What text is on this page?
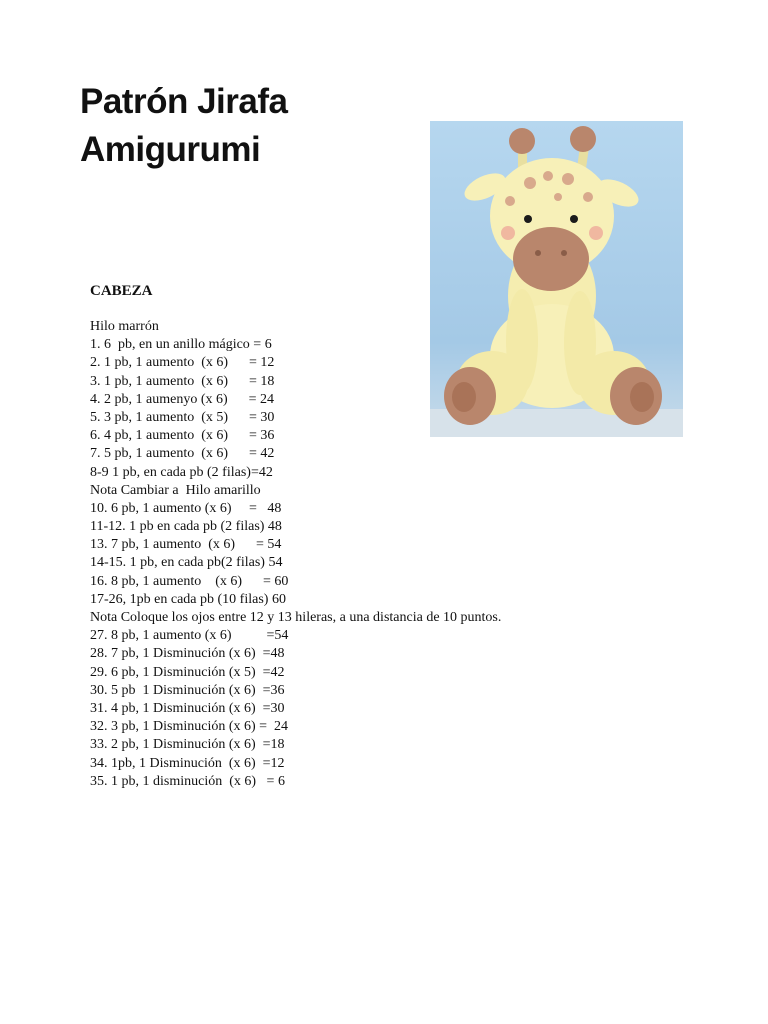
Patrón Jirafa
Amigurumi
CABEZA
Hilo marrón
1. 6  pb, en un anillo mágico = 6
2. 1 pb, 1 aumento  (x 6)      = 12
3. 1 pb, 1 aumento  (x 6)      = 18
4. 2 pb, 1 aumenyo (x 6)      = 24
5. 3 pb, 1 aumento  (x 5)      = 30
6. 4 pb, 1 aumento  (x 6)      = 36
7. 5 pb, 1 aumento  (x 6)      = 42
8-9 1 pb, en cada pb (2 filas)=42
Nota Cambiar a  Hilo amarillo
10. 6 pb, 1 aumento (x 6)     =   48
11-12. 1 pb en cada pb (2 filas) 48
13. 7 pb, 1 aumento  (x 6)      = 54
14-15. 1 pb, en cada pb(2 filas) 54
16. 8 pb, 1 aumento    (x 6)      = 60
17-26, 1pb en cada pb (10 filas) 60
Nota Coloque los ojos entre 12 y 13 hileras, a una distancia de 10 puntos.
27. 8 pb, 1 aumento (x 6)          =54
28. 7 pb, 1 Disminución (x 6)  =48
29. 6 pb, 1 Disminución (x 5)  =42
30. 5 pb  1 Disminución (x 6)  =36
31. 4 pb, 1 Disminución (x 6)  =30
32. 3 pb, 1 Disminución (x 6) =  24
33. 2 pb, 1 Disminución (x 6)  =18
34. 1pb, 1 Disminución  (x 6)  =12
35. 1 pb, 1 disminución  (x 6)   = 6
